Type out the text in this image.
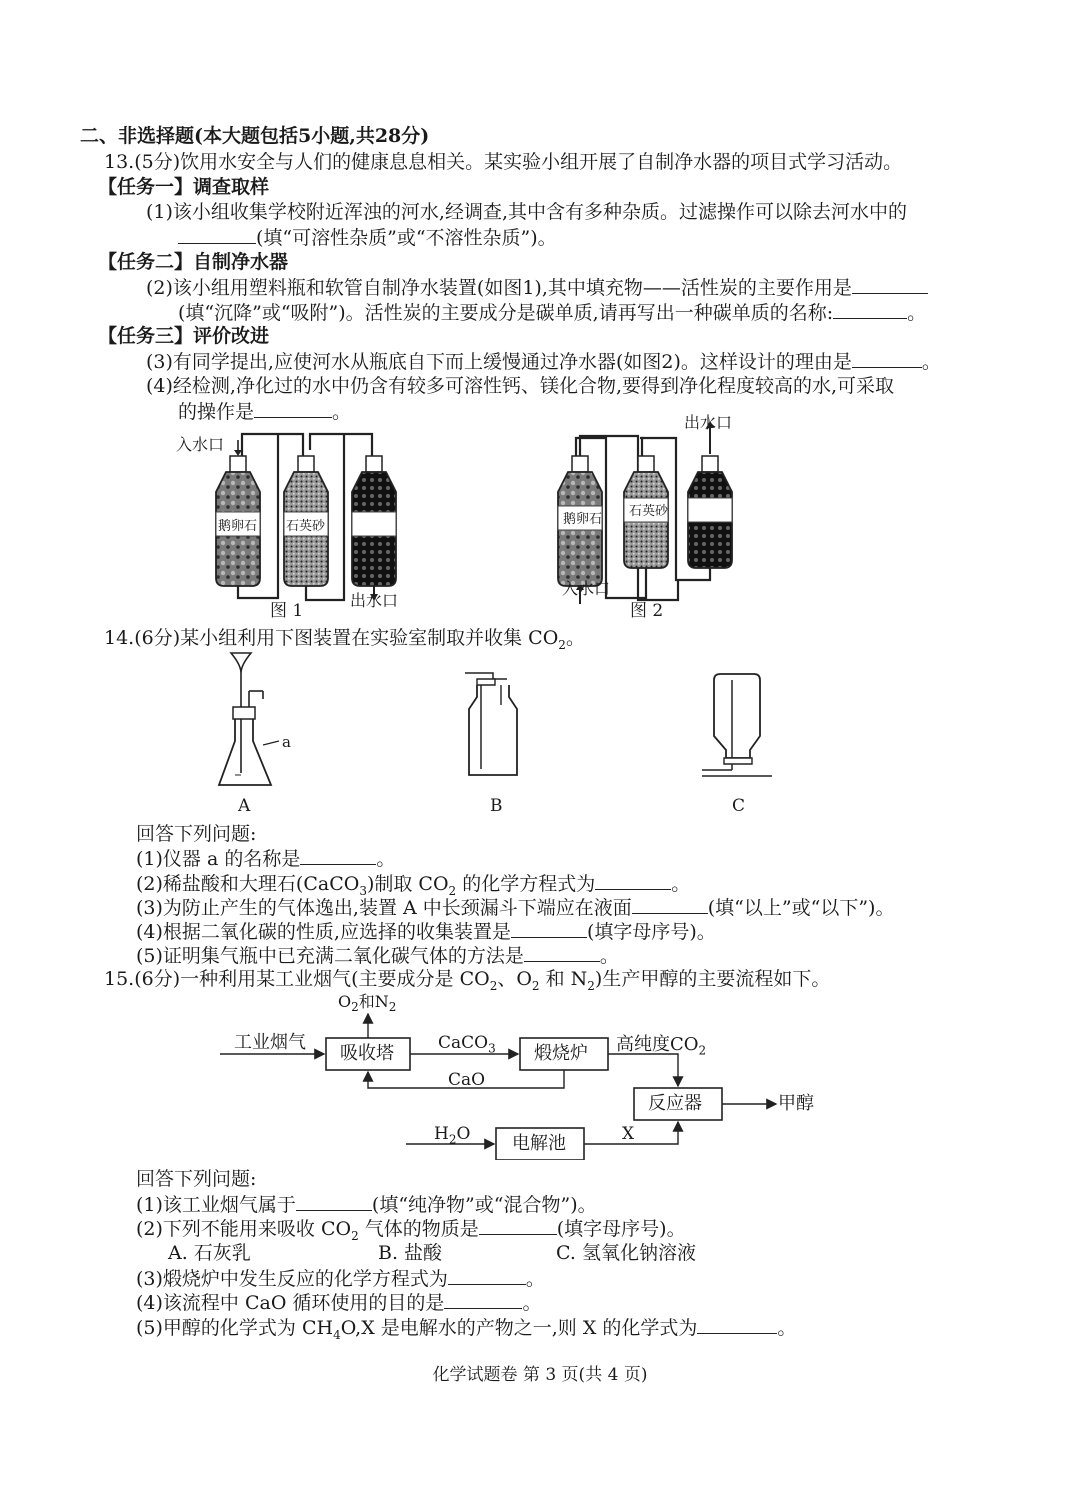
二、非选择题(本大题包括5小题,共28分)
13.(5分)饮用水安全与人们的健康息息相关。某实验小组开展了自制净水器的项目式学习活动。
【任务一】调查取样
(1)该小组收集学校附近浑浊的河水,经调查,其中含有多种杂质。过滤操作可以除去河水中的
(填“可溶性杂质”或“不溶性杂质”)。
【任务二】自制净水器
(2)该小组用塑料瓶和软管自制净水装置(如图1),其中填充物——活性炭的主要作用是
(填“沉降”或“吸附”)。活性炭的主要成分是碳单质,请再写出一种碳单质的名称:	。
【任务三】评价改进
(3)有同学提出,应使河水从瓶底自下而上缓慢通过净水器(如图2)。这样设计的理由是	。
(4)经检测,净化过的水中仍含有较多可溶性钙、镁化合物,要得到净化程度较高的水,可采取
的操作是	。
入水口
鹅卵石 石英砂 活性炭
出水口
图 1
出水口
鹅卵石
石英砂 活性炭
入水口
图 2
14.(6分)某小组利用下图装置在实验室制取并收集 $CO_2$。
a
A	B	C
回答下列问题:
(1)仪器 a 的名称是	。
(2)稀盐酸和大理石(CaCO$_3$)制取 $CO_2$ 的化学方程式为	。
(3)为防止产生的气体逸出,装置 A 中长颈漏斗下端应在液面	(填“以上”或“以下”)。
(4)根据二氧化碳的性质,应选择的收集装置是	(填字母序号)。
(5)证明集气瓶中已充满二氧化碳气体的方法是	。
15.(6分)一种利用某工业烟气(主要成分是 $CO_2$、$O_2$ 和 $N_2$)生产甲醇的主要流程如下。
$O_2$和$N_2$
工业烟气
吸收塔	CaCO$_3$ 煅烧炉
CaO
高纯度$CO_2$
反应器	甲醇
$H_2O$ 电解池	X
回答下列问题:
(1)该工业烟气属于	(填“纯净物”或“混合物”)。
(2)下列不能用来吸收 $CO_2$ 气体的物质是	(填字母序号)。
A. 石灰乳	B. 盐酸	C. 氢氧化钠溶液
(3)煅烧炉中发生反应的化学方程式为	。
(4)该流程中 CaO 循环使用的目的是	。
(5)甲醇的化学式为 $CH_4O,X$ 是电解水的产物之一,则 X 的化学式为	。
化学试题卷 第 3 页(共 4 页)
